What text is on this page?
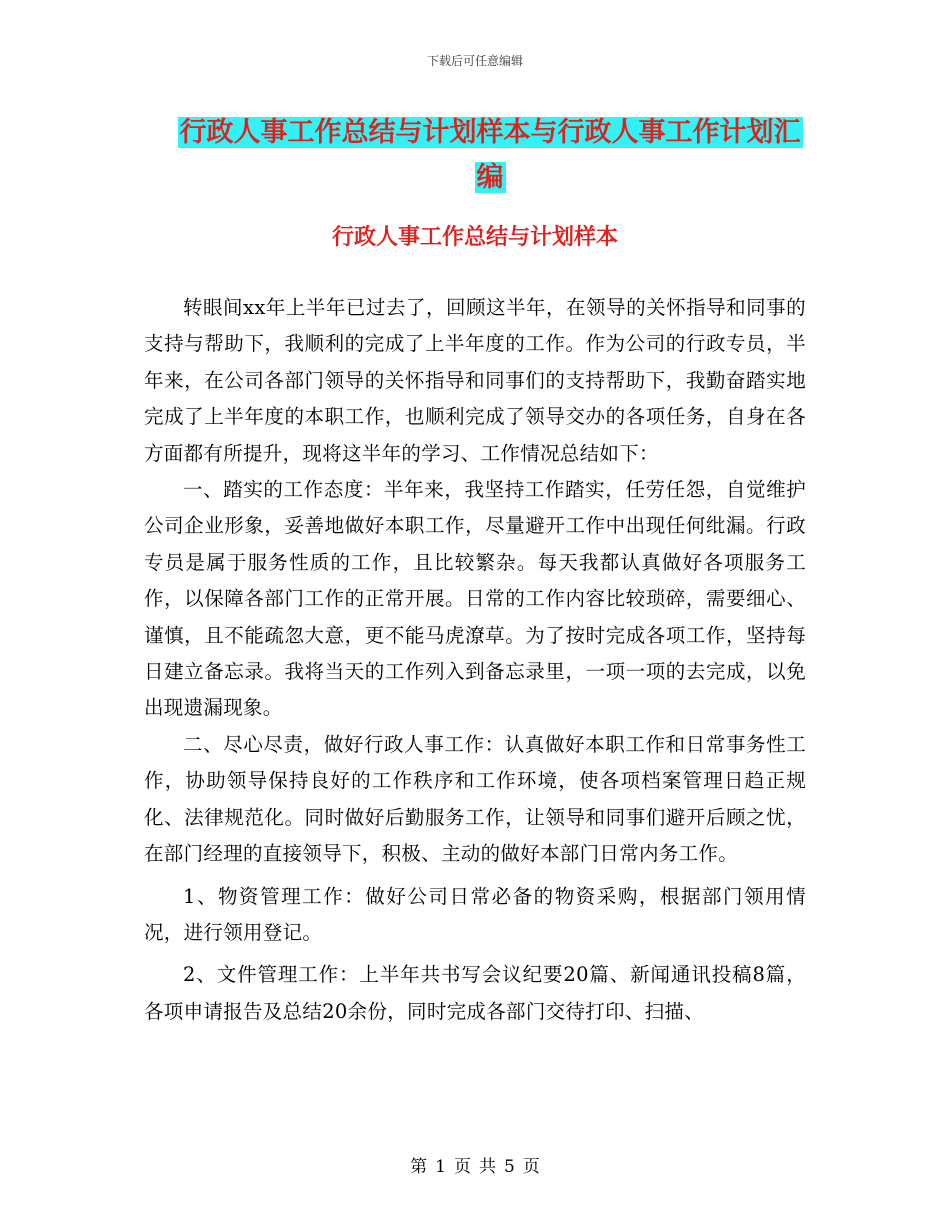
下载后可任意编辑
行政人事工作总结与计划样本与行政人事工作计划汇
编
行政人事工作总结与计划样本

转眼间xx年上半年已过去了，回顾这半年，在领导的关怀指导和同事的支持与帮助下，我顺利的完成了上半年度的工作。作为公司的行政专员，半年来，在公司各部门领导的关怀指导和同事们的支持帮助下，我勤奋踏实地完成了上半年度的本职工作，也顺利完成了领导交办的各项任务，自身在各方面都有所提升，现将这半年的学习、工作情况总结如下：

一、踏实的工作态度：半年来，我坚持工作踏实，任劳任怨，自觉维护公司企业形象，妥善地做好本职工作，尽量避开工作中出现任何纰漏。行政专员是属于服务性质的工作，且比较繁杂。每天我都认真做好各项服务工作，以保障各部门工作的正常开展。日常的工作内容比较琐碎，需要细心、谨慎，且不能疏忽大意，更不能马虎潦草。为了按时完成各项工作，坚持每日建立备忘录。我将当天的工作列入到备忘录里，一项一项的去完成，以免出现遗漏现象。

二、尽心尽责，做好行政人事工作：认真做好本职工作和日常事务性工作，协助领导保持良好的工作秩序和工作环境，使各项档案管理日趋正规化、法律规范化。同时做好后勤服务工作，让领导和同事们避开后顾之忧，在部门经理的直接领导下，积极、主动的做好本部门日常内务工作。

1、物资管理工作：做好公司日常必备的物资采购，根据部门领用情况，进行领用登记。

2、文件管理工作：上半年共书写会议纪要20篇、新闻通讯投稿8篇，各项申请报告及总结20余份，同时完成各部门交待打印、扫描、

第 1 页 共 5 页
